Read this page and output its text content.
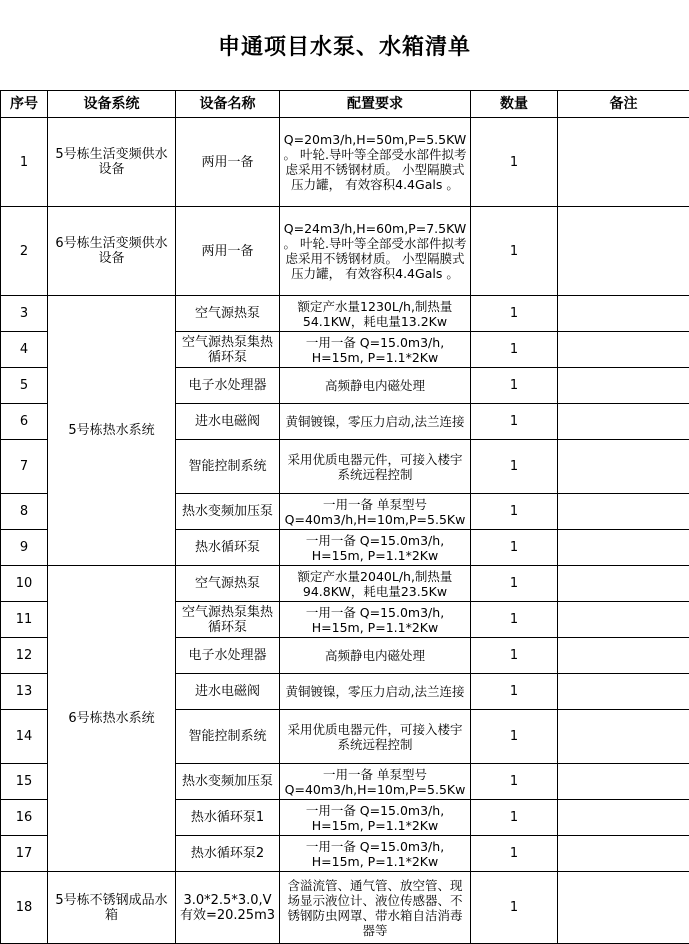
申通项目水泵、水箱清单
序号	设备系统	设备名称	配置要求	数量	备注
1	5号栋生活变频供水设备	两用一备	Q=20m3/h,H=50m,P=5.5KW 。 叶轮.导叶等全部受水部件拟考虑采用不锈钢材质。 小型隔膜式压力罐， 有效容积4.4Gals 。	1	
2	6号栋生活变频供水设备	两用一备	Q=24m3/h,H=60m,P=7.5KW 。 叶轮.导叶等全部受水部件拟考虑采用不锈钢材质。 小型隔膜式压力罐， 有效容积4.4Gals 。	1	
3	5号栋热水系统	空气源热泵	额定产水量1230L/h,制热量54.1KW，耗电量13.2Kw	1	
4		空气源热泵集热循环泵	一用一备 Q=15.0m3/h, H=15m, P=1.1*2Kw	1	
5		电子水处理器	高频静电内磁处理	1	
6		进水电磁阀	黄铜镀镍，零压力启动,法兰连接	1	
7		智能控制系统	采用优质电器元件，可接入楼宇系统远程控制	1	
8		热水变频加压泵	一用一备 单泵型号 Q=40m3/h,H=10m,P=5.5Kw	1	
9		热水循环泵	一用一备 Q=15.0m3/h, H=15m, P=1.1*2Kw	1	
10	6号栋热水系统	空气源热泵	额定产水量2040L/h,制热量94.8KW，耗电量23.5Kw	1	
11		空气源热泵集热循环泵	一用一备 Q=15.0m3/h, H=15m, P=1.1*2Kw	1	
12		电子水处理器	高频静电内磁处理	1	
13		进水电磁阀	黄铜镀镍，零压力启动,法兰连接	1	
14		智能控制系统	采用优质电器元件，可接入楼宇系统远程控制	1	
15		热水变频加压泵	一用一备 单泵型号 Q=40m3/h,H=10m,P=5.5Kw	1	
16		热水循环泵1	一用一备 Q=15.0m3/h, H=15m, P=1.1*2Kw	1	
17		热水循环泵2	一用一备 Q=15.0m3/h, H=15m, P=1.1*2Kw	1	
18	5号栋不锈钢成品水箱	3.0*2.5*3.0,V有效=20.25m3	含溢流管、通气管、放空管、现场显示液位计、液位传感器、不锈钢防虫网罩、带水箱自洁消毒器等	1	
